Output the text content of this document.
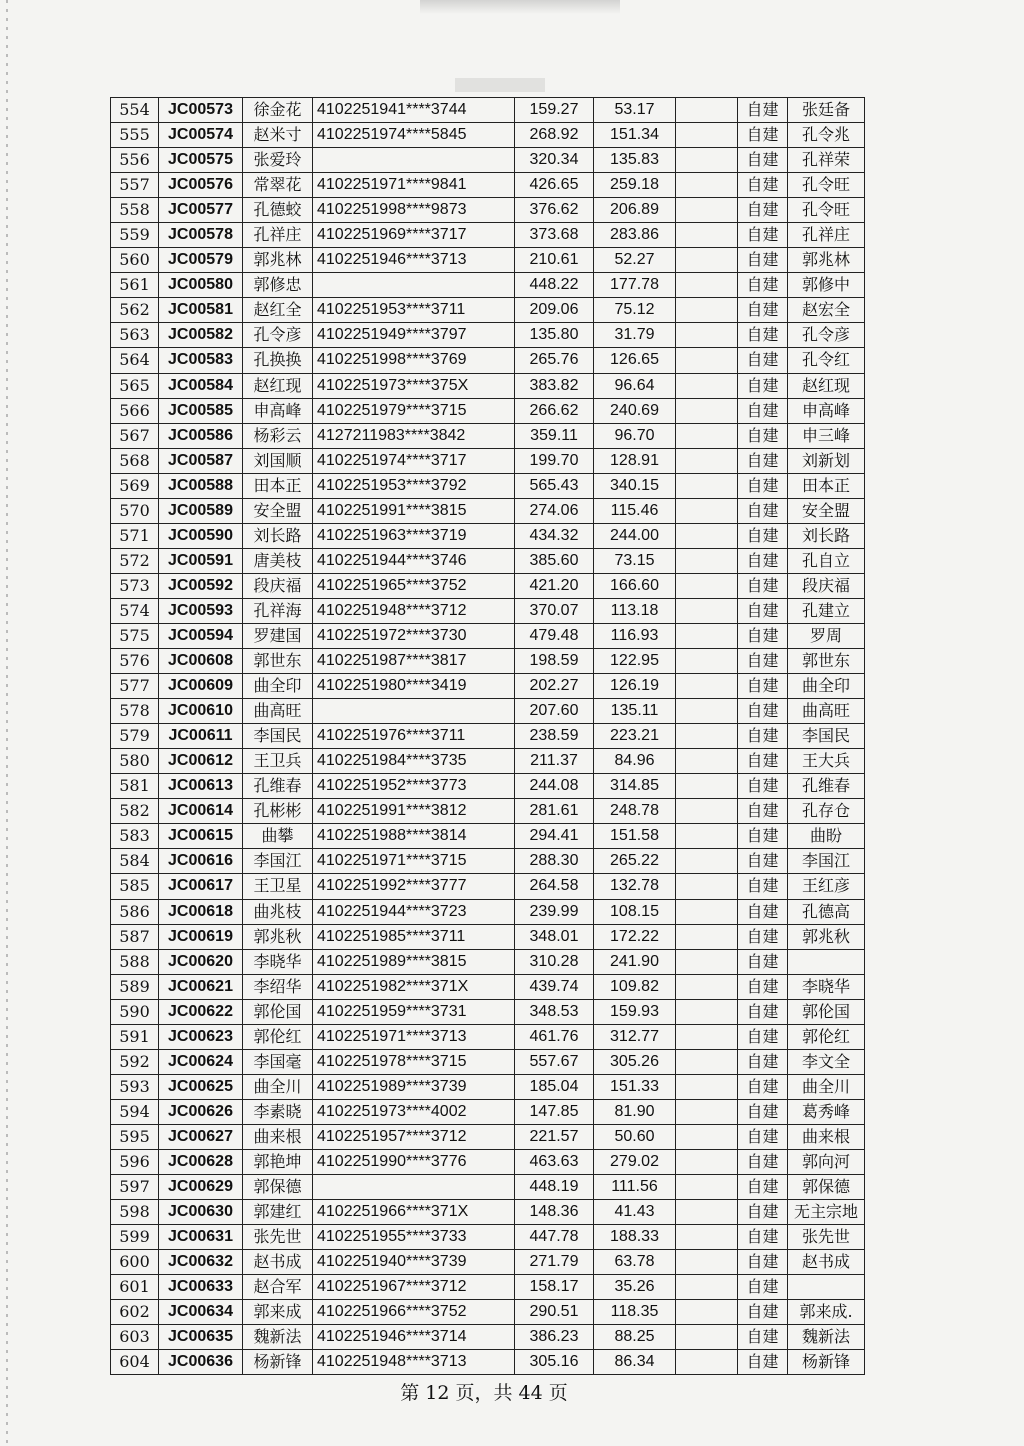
554	JC00573	徐金花	4102251941****3744	159.27	53.17		自建	张廷备
555	JC00574	赵米寸	4102251974****5845	268.92	151.34		自建	孔令兆
556	JC00575	张爱玲		320.34	135.83		自建	孔祥荣
557	JC00576	常翠花	4102251971****9841	426.65	259.18		自建	孔令旺
558	JC00577	孔德蛟	4102251998****9873	376.62	206.89		自建	孔令旺
559	JC00578	孔祥庄	4102251969****3717	373.68	283.86		自建	孔祥庄
560	JC00579	郭兆林	4102251946****3713	210.61	52.27		自建	郭兆林
561	JC00580	郭修忠		448.22	177.78		自建	郭修中
562	JC00581	赵红全	4102251953****3711	209.06	75.12		自建	赵宏全
563	JC00582	孔令彦	4102251949****3797	135.80	31.79		自建	孔令彦
564	JC00583	孔换换	4102251998****3769	265.76	126.65		自建	孔令红
565	JC00584	赵红现	4102251973****375X	383.82	96.64		自建	赵红现
566	JC00585	申高峰	4102251979****3715	266.62	240.69		自建	申高峰
567	JC00586	杨彩云	4127211983****3842	359.11	96.70		自建	申三峰
568	JC00587	刘国顺	4102251974****3717	199.70	128.91		自建	刘新划
569	JC00588	田本正	4102251953****3792	565.43	340.15		自建	田本正
570	JC00589	安全盟	4102251991****3815	274.06	115.46		自建	安全盟
571	JC00590	刘长路	4102251963****3719	434.32	244.00		自建	刘长路
572	JC00591	唐美枝	4102251944****3746	385.60	73.15		自建	孔自立
573	JC00592	段庆福	4102251965****3752	421.20	166.60		自建	段庆福
574	JC00593	孔祥海	4102251948****3712	370.07	113.18		自建	孔建立
575	JC00594	罗建国	4102251972****3730	479.48	116.93		自建	罗周
576	JC00608	郭世东	4102251987****3817	198.59	122.95		自建	郭世东
577	JC00609	曲全印	4102251980****3419	202.27	126.19		自建	曲全印
578	JC00610	曲高旺		207.60	135.11		自建	曲高旺
579	JC00611	李国民	4102251976****3711	238.59	223.21		自建	李国民
580	JC00612	王卫兵	4102251984****3735	211.37	84.96		自建	王大兵
581	JC00613	孔维春	4102251952****3773	244.08	314.85		自建	孔维春
582	JC00614	孔彬彬	4102251991****3812	281.61	248.78		自建	孔存仓
583	JC00615	曲攀	4102251988****3814	294.41	151.58		自建	曲盼
584	JC00616	李国江	4102251971****3715	288.30	265.22		自建	李国江
585	JC00617	王卫星	4102251992****3777	264.58	132.78		自建	王红彦
586	JC00618	曲兆枝	4102251944****3723	239.99	108.15		自建	孔德高
587	JC00619	郭兆秋	4102251985****3711	348.01	172.22		自建	郭兆秋
588	JC00620	李晓华	4102251989****3815	310.28	241.90		自建	
589	JC00621	李绍华	4102251982****371X	439.74	109.82		自建	李晓华
590	JC00622	郭伦国	4102251959****3731	348.53	159.93		自建	郭伦国
591	JC00623	郭伦红	4102251971****3713	461.76	312.77		自建	郭伦红
592	JC00624	李国毫	4102251978****3715	557.67	305.26		自建	李文全
593	JC00625	曲全川	4102251989****3739	185.04	151.33		自建	曲全川
594	JC00626	李素晓	4102251973****4002	147.85	81.90		自建	葛秀峰
595	JC00627	曲来根	4102251957****3712	221.57	50.60		自建	曲来根
596	JC00628	郭艳坤	4102251990****3776	463.63	279.02		自建	郭向河
597	JC00629	郭保德		448.19	111.56		自建	郭保德
598	JC00630	郭建红	4102251966****371X	148.36	41.43		自建	无主宗地
599	JC00631	张先世	4102251955****3733	447.78	188.33		自建	张先世
600	JC00632	赵书成	4102251940****3739	271.79	63.78		自建	赵书成
601	JC00633	赵合军	4102251967****3712	158.17	35.26		自建	
602	JC00634	郭来成	4102251966****3752	290.51	118.35		自建	郭来成.
603	JC00635	魏新法	4102251946****3714	386.23	88.25		自建	魏新法
604	JC00636	杨新锋	4102251948****3713	305.16	86.34		自建	杨新锋
第 12 页，共 44 页
